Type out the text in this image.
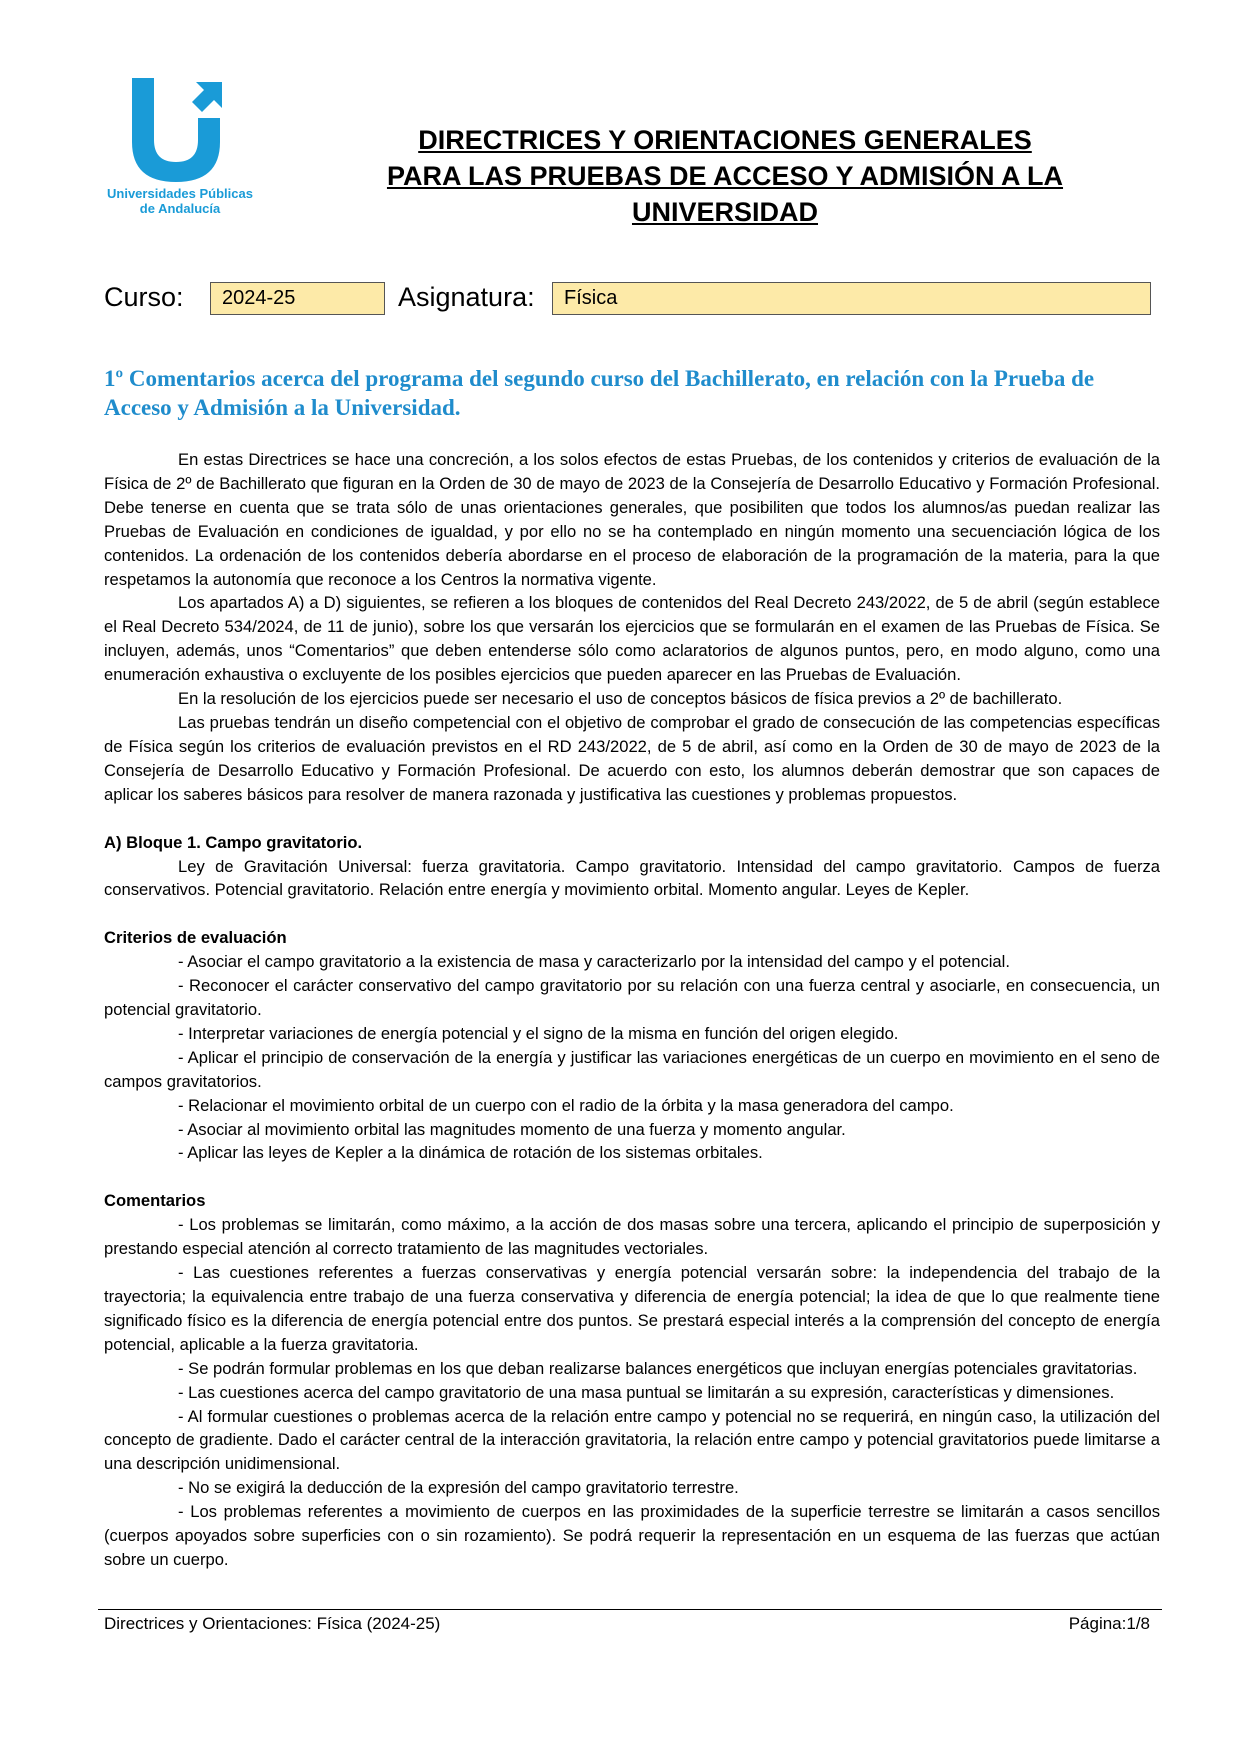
Universidades Públicas
de Andalucía
DIRECTRICES Y ORIENTACIONES GENERALES
PARA LAS PRUEBAS DE ACCESO Y ADMISIÓN A LA
UNIVERSIDAD
Curso:	2024-25	Asignatura:	Física
1º Comentarios acerca del programa del segundo curso del Bachillerato, en relación con la Prueba de Acceso y Admisión a la Universidad.

En estas Directrices se hace una concreción, a los solos efectos de estas Pruebas, de los contenidos y criterios de evaluación de la Física de 2º de Bachillerato que figuran en la Orden de 30 de mayo de 2023 de la Consejería de Desarrollo Educativo y Formación Profesional. Debe tenerse en cuenta que se trata sólo de unas orientaciones generales, que posibiliten que todos los alumnos/as puedan realizar las Pruebas de Evaluación en condiciones de igualdad, y por ello no se ha contemplado en ningún momento una secuenciación lógica de los contenidos. La ordenación de los contenidos debería abordarse en el proceso de elaboración de la programación de la materia, para la que respetamos la autonomía que reconoce a los Centros la normativa vigente.

Los apartados A) a D) siguientes, se refieren a los bloques de contenidos del Real Decreto 243/2022, de 5 de abril (según establece el Real Decreto 534/2024, de 11 de junio), sobre los que versarán los ejercicios que se formularán en el examen de las Pruebas de Física. Se incluyen, además, unos “Comentarios” que deben entenderse sólo como aclaratorios de algunos puntos, pero, en modo alguno, como una enumeración exhaustiva o excluyente de los posibles ejercicios que pueden aparecer en las Pruebas de Evaluación.

En la resolución de los ejercicios puede ser necesario el uso de conceptos básicos de física previos a 2º de bachillerato.

Las pruebas tendrán un diseño competencial con el objetivo de comprobar el grado de consecución de las competencias específicas de Física según los criterios de evaluación previstos en el RD 243/2022, de 5 de abril, así como en la Orden de 30 de mayo de 2023 de la Consejería de Desarrollo Educativo y Formación Profesional. De acuerdo con esto, los alumnos deberán demostrar que son capaces de aplicar los saberes básicos para resolver de manera razonada y justificativa las cuestiones y problemas propuestos.

A) Bloque 1. Campo gravitatorio.

Ley de Gravitación Universal: fuerza gravitatoria. Campo gravitatorio. Intensidad del campo gravitatorio. Campos de fuerza conservativos. Potencial gravitatorio. Relación entre energía y movimiento orbital. Momento angular. Leyes de Kepler.

Criterios de evaluación

- Asociar el campo gravitatorio a la existencia de masa y caracterizarlo por la intensidad del campo y el potencial.

- Reconocer el carácter conservativo del campo gravitatorio por su relación con una fuerza central y asociarle, en consecuencia, un potencial gravitatorio.

- Interpretar variaciones de energía potencial y el signo de la misma en función del origen elegido.

- Aplicar el principio de conservación de la energía y justificar las variaciones energéticas de un cuerpo en movimiento en el seno de campos gravitatorios.

- Relacionar el movimiento orbital de un cuerpo con el radio de la órbita y la masa generadora del campo.

- Asociar al movimiento orbital las magnitudes momento de una fuerza y momento angular.

- Aplicar las leyes de Kepler a la dinámica de rotación de los sistemas orbitales.

Comentarios

- Los problemas se limitarán, como máximo, a la acción de dos masas sobre una tercera, aplicando el principio de superposición y prestando especial atención al correcto tratamiento de las magnitudes vectoriales.

- Las cuestiones referentes a fuerzas conservativas y energía potencial versarán sobre: la independencia del trabajo de la trayectoria; la equivalencia entre trabajo de una fuerza conservativa y diferencia de energía potencial; la idea de que lo que realmente tiene significado físico es la diferencia de energía potencial entre dos puntos. Se prestará especial interés a la comprensión del concepto de energía potencial, aplicable a la fuerza gravitatoria.

- Se podrán formular problemas en los que deban realizarse balances energéticos que incluyan energías potenciales gravitatorias.

- Las cuestiones acerca del campo gravitatorio de una masa puntual se limitarán a su expresión, características y dimensiones.

- Al formular cuestiones o problemas acerca de la relación entre campo y potencial no se requerirá, en ningún caso, la utilización del concepto de gradiente. Dado el carácter central de la interacción gravitatoria, la relación entre campo y potencial gravitatorios puede limitarse a una descripción unidimensional.

- No se exigirá la deducción de la expresión del campo gravitatorio terrestre.

- Los problemas referentes a movimiento de cuerpos en las proximidades de la superficie terrestre se limitarán a casos sencillos (cuerpos apoyados sobre superficies con o sin rozamiento). Se podrá requerir la representación en un esquema de las fuerzas que actúan sobre un cuerpo.

Directrices y Orientaciones: Física (2024-25)	Página:1/8
